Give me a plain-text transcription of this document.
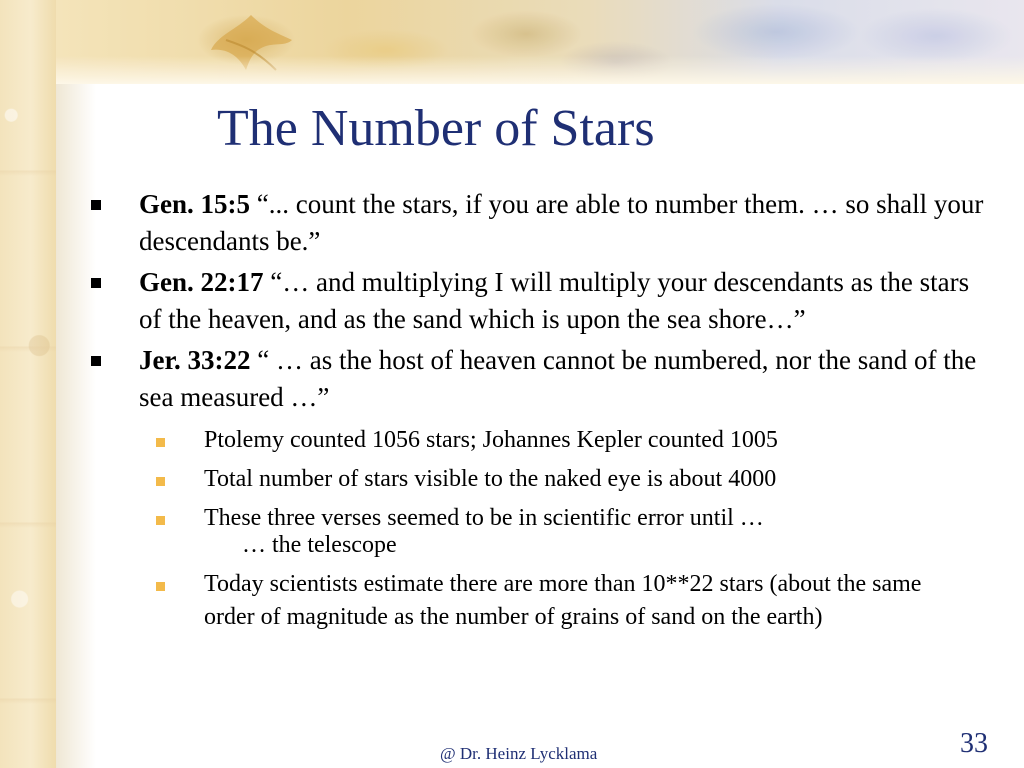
The Number of Stars
Gen. 15:5 “... count the stars, if you are able to number them. … so shall your descendants be.”
Gen. 22:17 “… and multiplying I will multiply your descendants as the stars of the heaven, and as the sand which is upon the sea shore…”
Jer. 33:22 “ … as the host of heaven cannot be numbered, nor the sand of the sea measured …”
Ptolemy counted 1056 stars; Johannes Kepler counted 1005
Total number of stars visible to the naked eye is about 4000
These three verses seemed to be in scientific error until …
… the telescope
Today scientists estimate there are more than 10**22 stars (about the same order of magnitude as the number of grains of sand on the earth)
@ Dr. Heinz Lycklama	33
